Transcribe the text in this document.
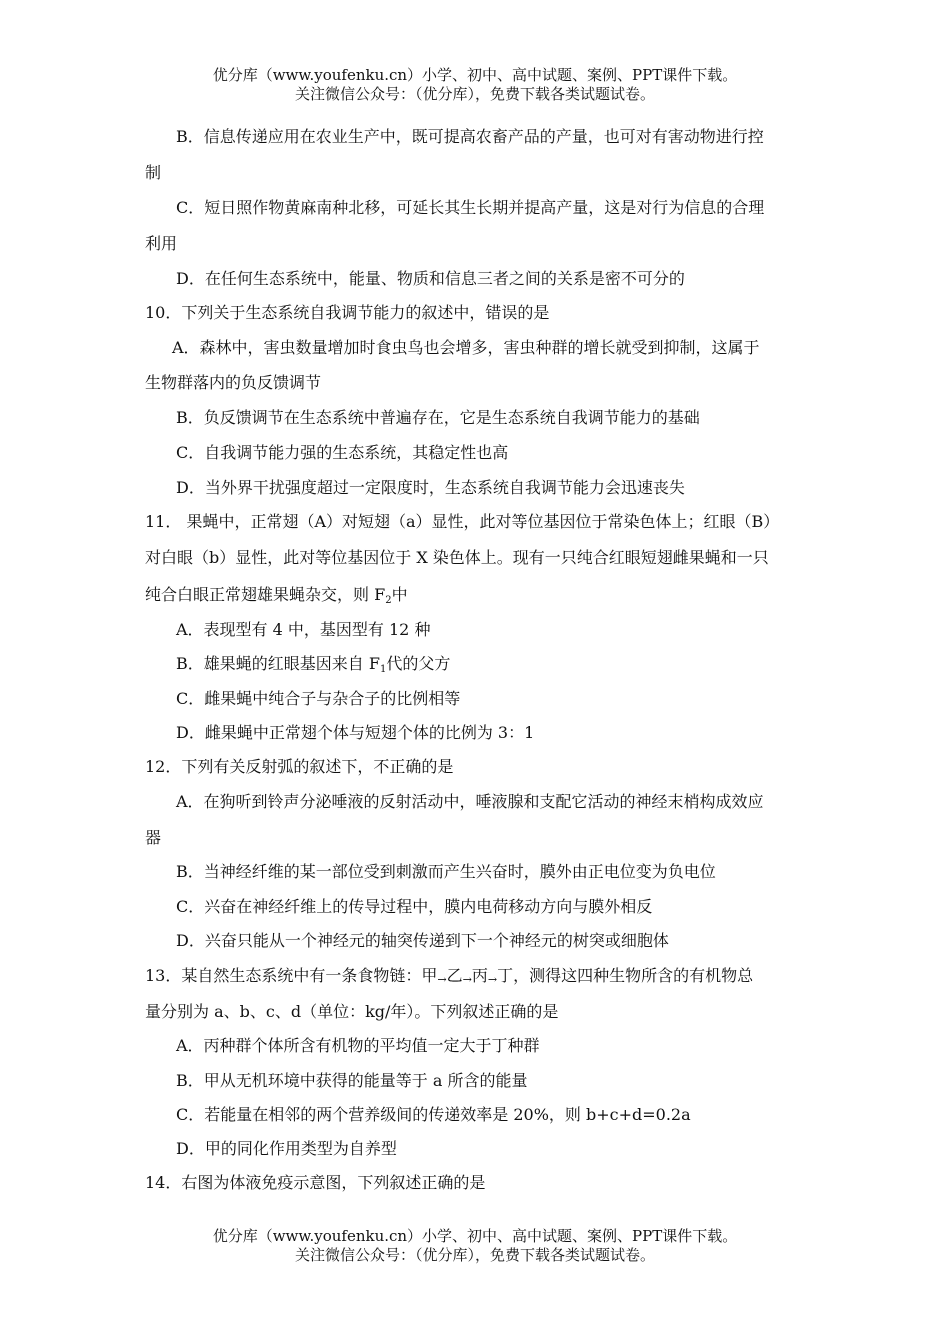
优分库（www.youfenku.cn）小学、初中、高中试题、案例、PPT课件下载。
关注微信公众号：（优分库），免费下载各类试题试卷。
B．信息传递应用在农业生产中，既可提高农畜产品的产量，也可对有害动物进行控
制
C．短日照作物黄麻南种北移，可延长其生长期并提高产量，这是对行为信息的合理
利用
D．在任何生态系统中，能量、物质和信息三者之间的关系是密不可分的
10．下列关于生态系统自我调节能力的叙述中，错误的是
A．森林中，害虫数量增加时食虫鸟也会增多，害虫种群的增长就受到抑制，这属于
生物群落内的负反馈调节
B．负反馈调节在生态系统中普遍存在，它是生态系统自我调节能力的基础
C．自我调节能力强的生态系统，其稳定性也高
D．当外界干扰强度超过一定限度时，生态系统自我调节能力会迅速丧失
11． 果蝇中，正常翅（A）对短翅（a）显性，此对等位基因位于常染色体上；红眼（B）
对白眼（b）显性，此对等位基因位于 X 染色体上。现有一只纯合红眼短翅雌果蝇和一只
纯合白眼正常翅雄果蝇杂交，则 $F_2$中
A．表现型有 4 中，基因型有 12 种
B．雄果蝇的红眼基因来自 $F_1$代的父方
C．雌果蝇中纯合子与杂合子的比例相等
D．雌果蝇中正常翅个体与短翅个体的比例为 3：1
12．下列有关反射弧的叙述下，不正确的是
A．在狗听到铃声分泌唾液的反射活动中，唾液腺和支配它活动的神经末梢构成效应
器
B．当神经纤维的某一部位受到刺激而产生兴奋时，膜外由正电位变为负电位
C．兴奋在神经纤维上的传导过程中，膜内电荷移动方向与膜外相反
D．兴奋只能从一个神经元的轴突传递到下一个神经元的树突或细胞体
13．某自然生态系统中有一条食物链：甲→乙→丙→丁，测得这四种生物所含的有机物总
量分别为 a、b、c、d（单位：kg/年）。下列叙述正确的是
A．丙种群个体所含有机物的平均值一定大于丁种群
B．甲从无机环境中获得的能量等于 a 所含的能量
C．若能量在相邻的两个营养级间的传递效率是 20%，则 b+c+d=0.2a
D．甲的同化作用类型为自养型
14．右图为体液免疫示意图，下列叙述正确的是
优分库（www.youfenku.cn）小学、初中、高中试题、案例、PPT课件下载。
关注微信公众号：（优分库），免费下载各类试题试卷。
